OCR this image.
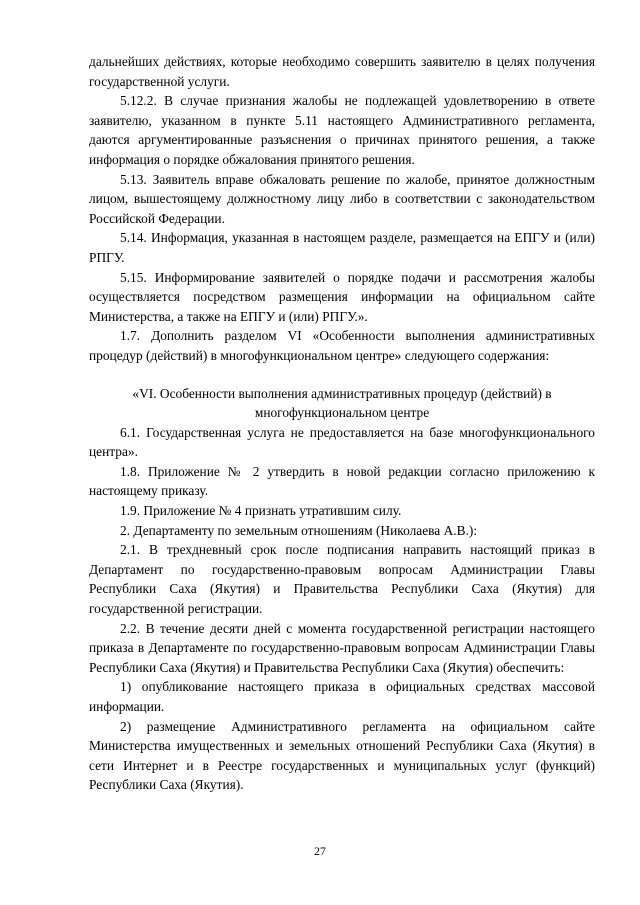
дальнейших действиях, которые необходимо совершить заявителю в целях получения государственной услуги.

5.12.2. В случае признания жалобы не подлежащей удовлетворению в ответе заявителю, указанном в пункте 5.11 настоящего Административного регламента, даются аргументированные разъяснения о причинах принятого решения, а также информация о порядке обжалования принятого решения.

5.13. Заявитель вправе обжаловать решение по жалобе, принятое должностным лицом, вышестоящему должностному лицу либо в соответствии с законодательством Российской Федерации.

5.14. Информация, указанная в настоящем разделе, размещается на ЕПГУ и (или) РПГУ.

5.15. Информирование заявителей о порядке подачи и рассмотрения жалобы осуществляется посредством размещения информации на официальном сайте Министерства, а также на ЕПГУ и (или) РПГУ.».

1.7. Дополнить разделом VI «Особенности выполнения административных процедур (действий) в многофункциональном центре» следующего содержания:

«VI. Особенности выполнения административных процедур (действий) в многофункциональном центре

6.1. Государственная услуга не предоставляется на базе многофункционального центра».

1.8. Приложение № 2 утвердить в новой редакции согласно приложению к настоящему приказу.

1.9. Приложение № 4 признать утратившим силу.

2. Департаменту по земельным отношениям (Николаева А.В.):

2.1. В трехдневный срок после подписания направить настоящий приказ в Департамент по государственно-правовым вопросам Администрации Главы Республики Саха (Якутия) и Правительства Республики Саха (Якутия) для государственной регистрации.

2.2. В течение десяти дней с момента государственной регистрации настоящего приказа в Департаменте по государственно-правовым вопросам Администрации Главы Республики Саха (Якутия) и Правительства Республики Саха (Якутия) обеспечить:

1) опубликование настоящего приказа в официальных средствах массовой информации.

2) размещение Административного регламента на официальном сайте Министерства имущественных и земельных отношений Республики Саха (Якутия) в сети Интернет и в Реестре государственных и муниципальных услуг (функций) Республики Саха (Якутия).

27
